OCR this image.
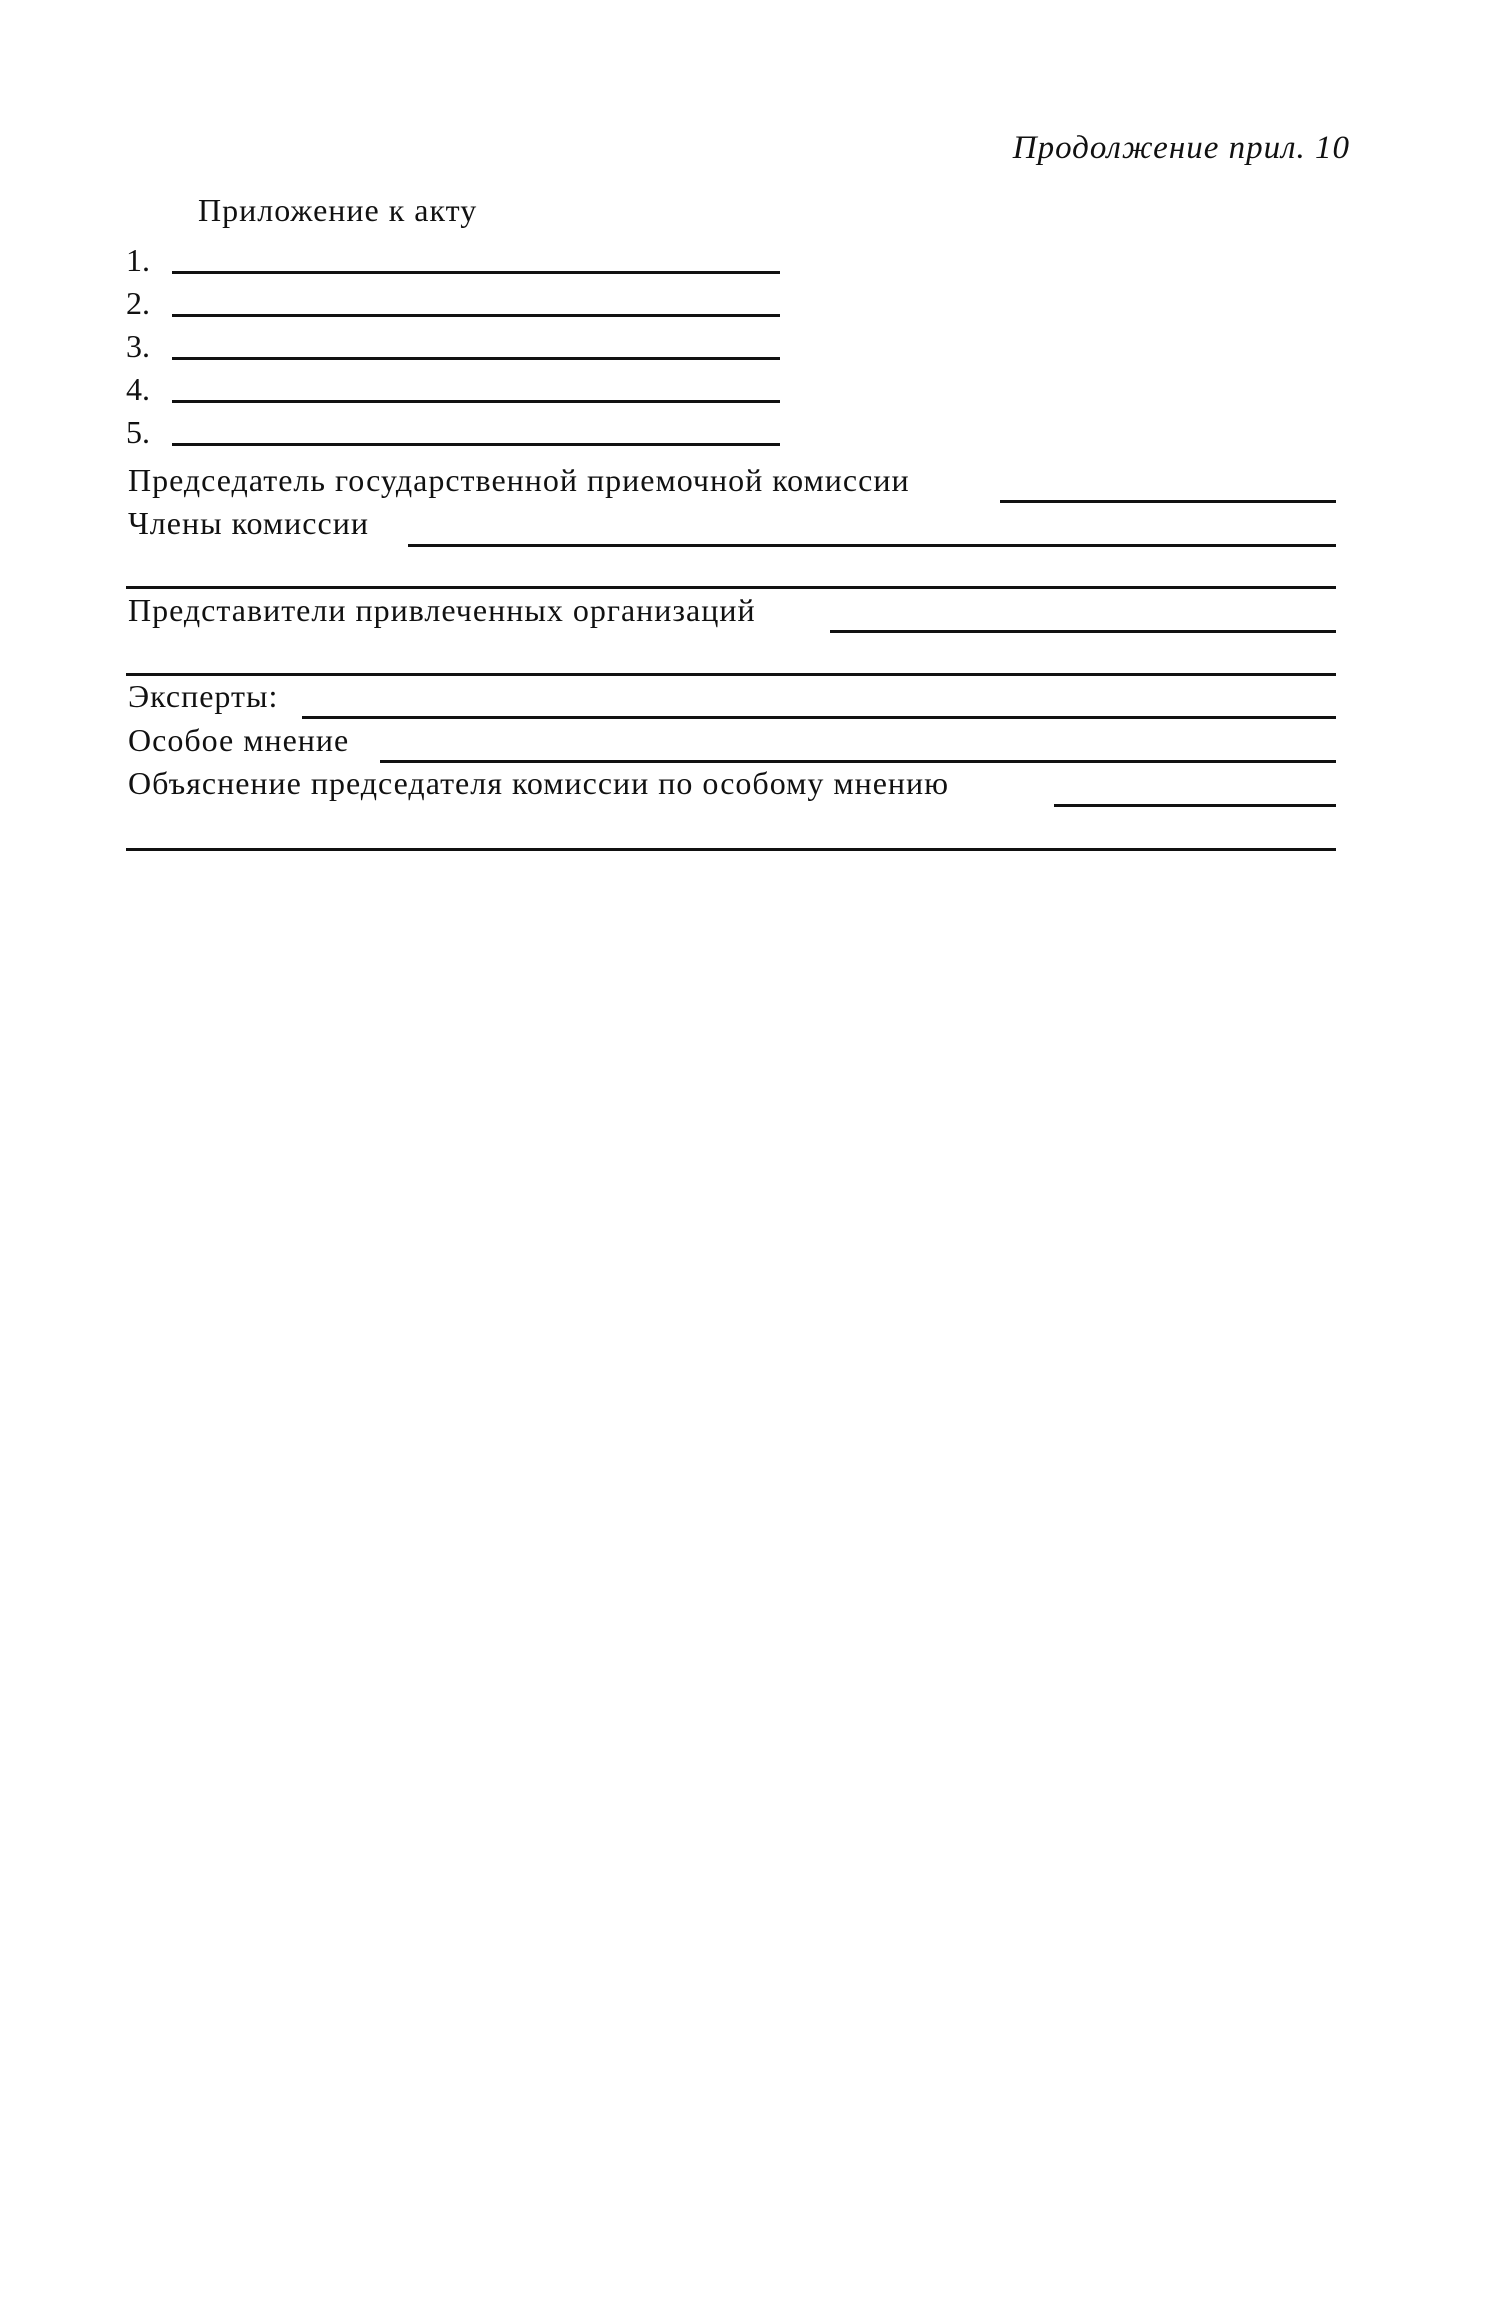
Продолжение прил. 10
Приложение к акту
1.
2.
3.
4.
5.
Председатель государственной приемочной комиссии
Члены комиссии
Представители привлеченных организаций
Эксперты:
Особое мнение
Объяснение председателя комиссии по особому мнению
